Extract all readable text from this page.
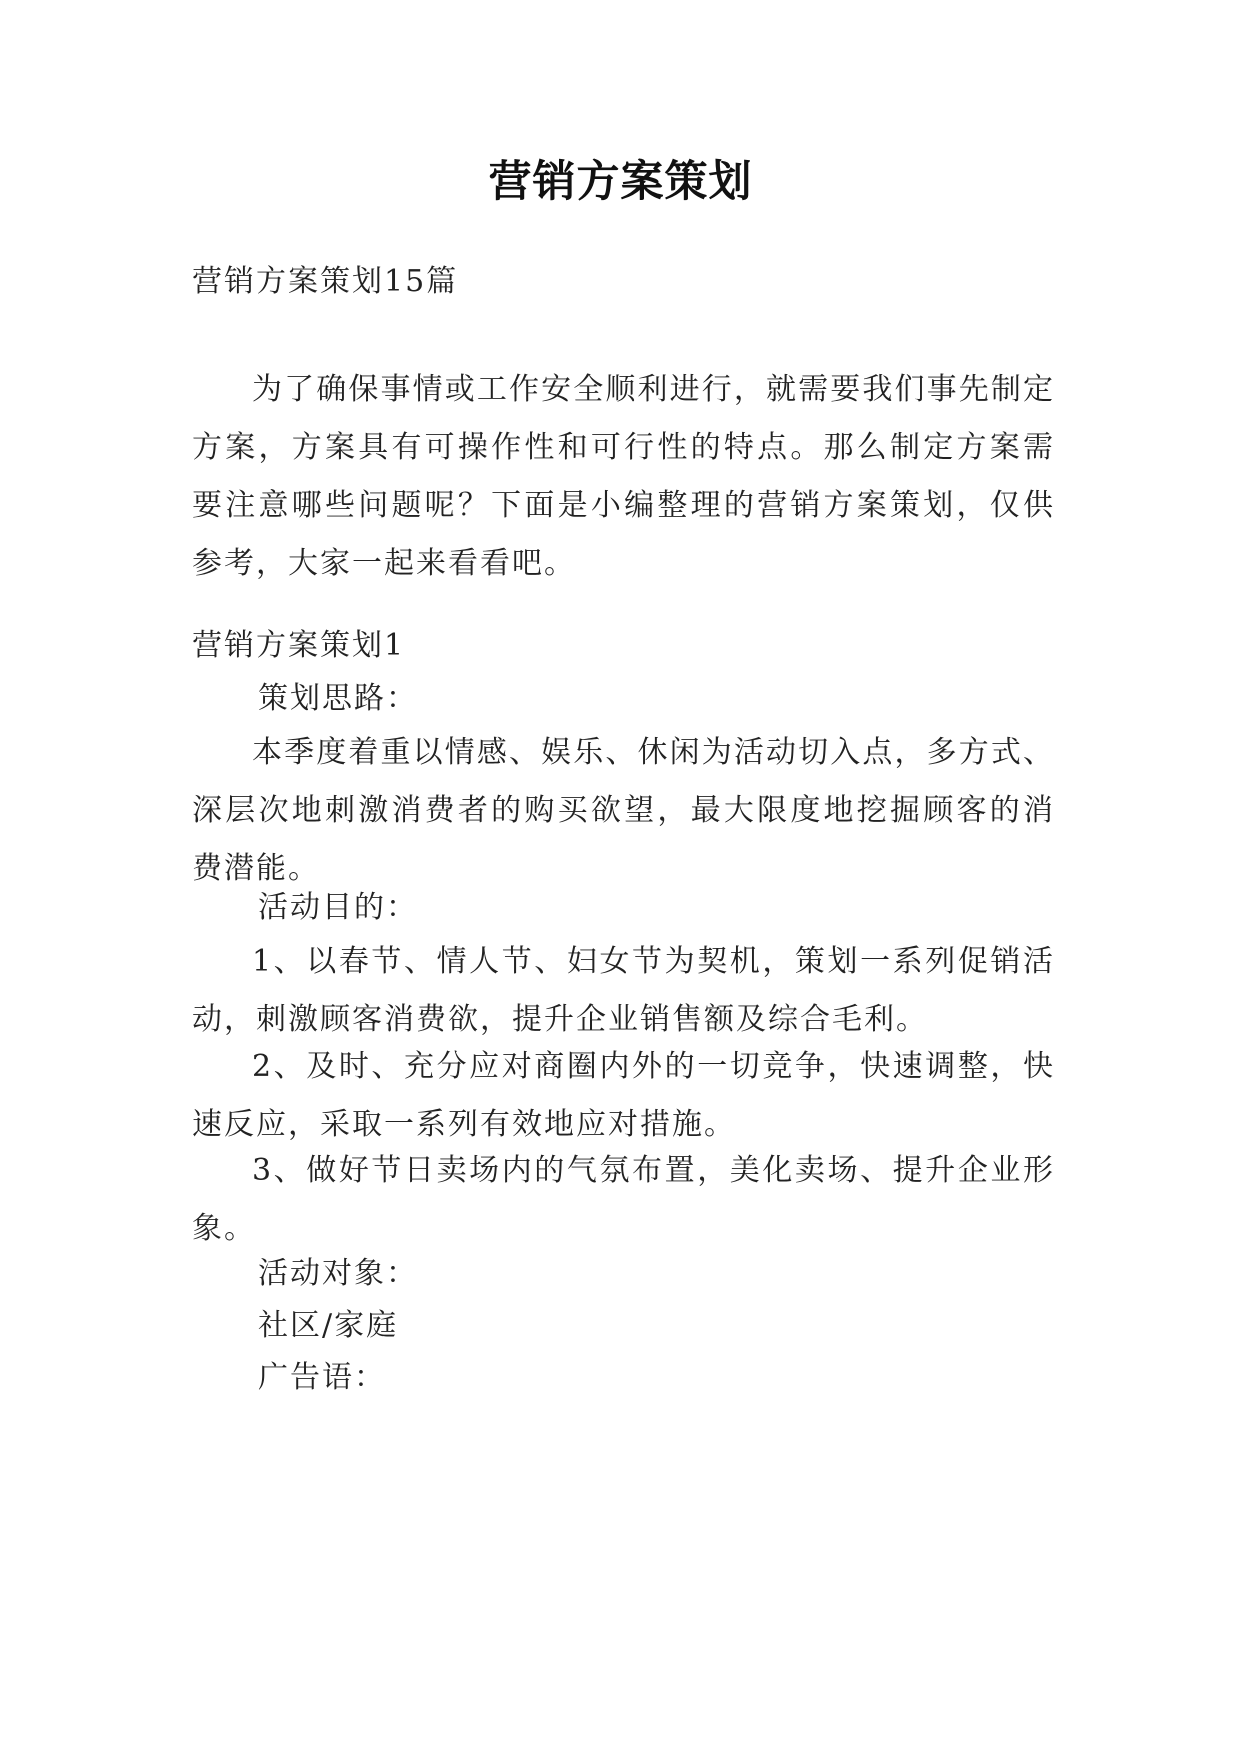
营销方案策划
营销方案策划15篇

为了确保事情或工作安全顺利进行，就需要我们事先制定方案，方案具有可操作性和可行性的特点。那么制定方案需要注意哪些问题呢？下面是小编整理的营销方案策划，仅供参考，大家一起来看看吧。

营销方案策划1
策划思路：

本季度着重以情感、娱乐、休闲为活动切入点，多方式、深层次地刺激消费者的购买欲望，最大限度地挖掘顾客的消费潜能。

活动目的：

1、以春节、情人节、妇女节为契机，策划一系列促销活动，刺激顾客消费欲，提升企业销售额及综合毛利。

2、及时、充分应对商圈内外的一切竞争，快速调整，快速反应，采取一系列有效地应对措施。

3、做好节日卖场内的气氛布置，美化卖场、提升企业形象。

活动对象：
社区/家庭
广告语：
